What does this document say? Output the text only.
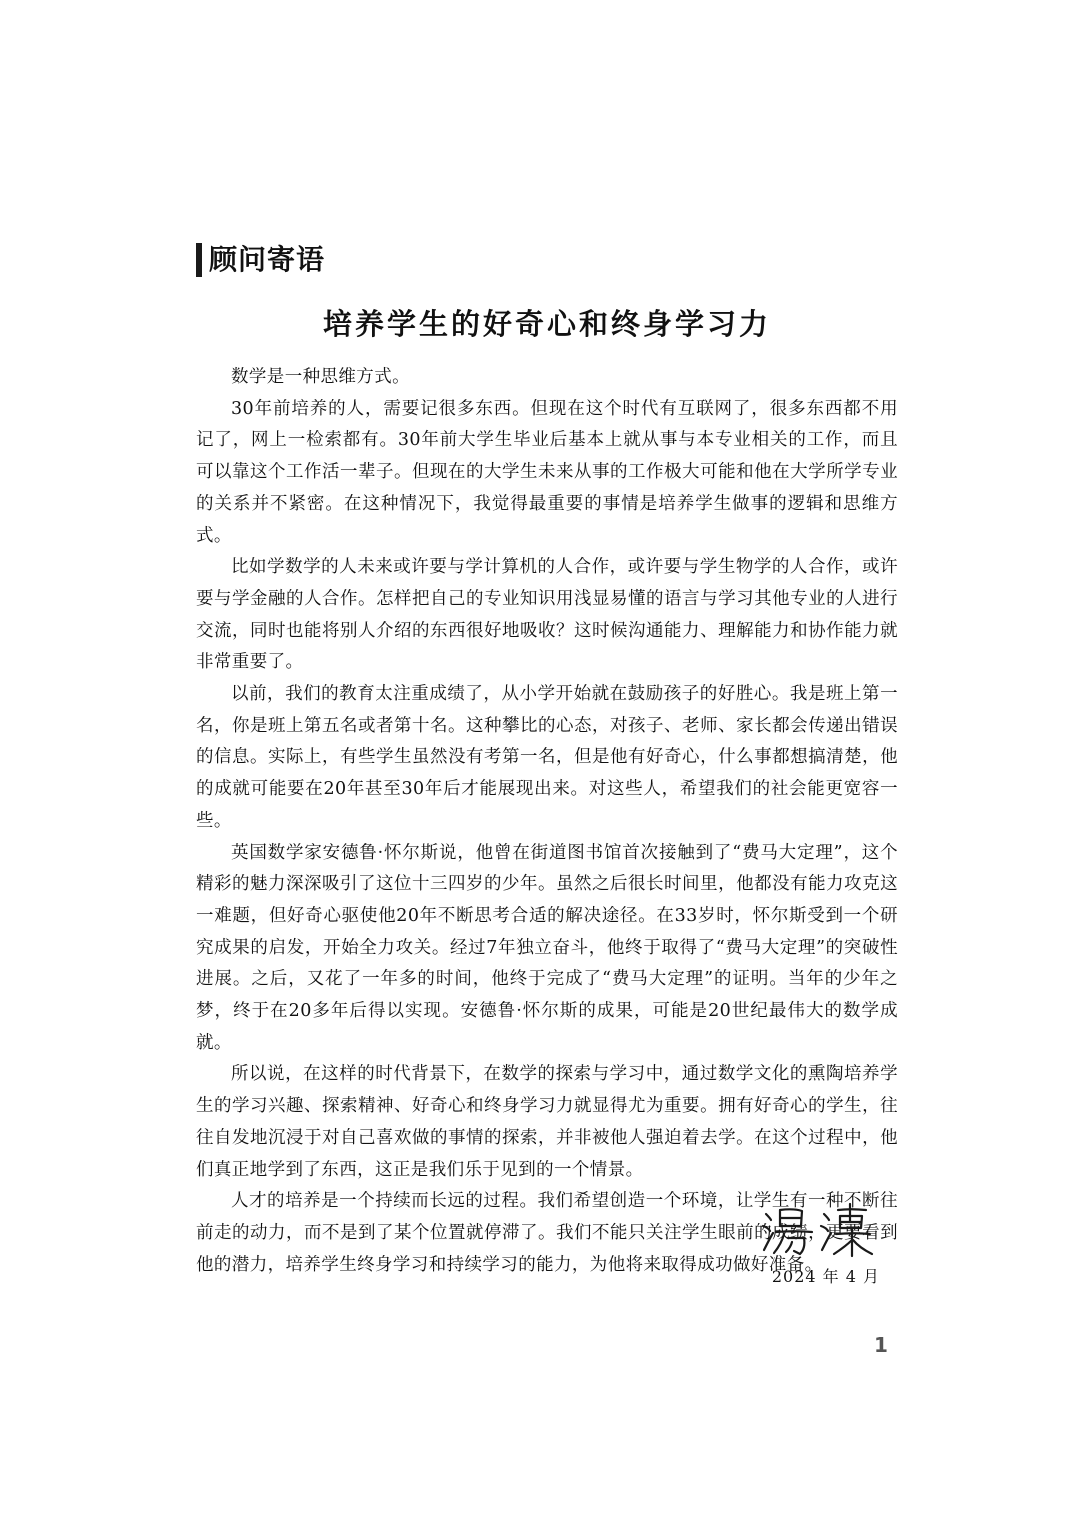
顾问寄语
培养学生的好奇心和终身学习力

数学是一种思维方式。

30年前培养的人，需要记很多东西。但现在这个时代有互联网了，很多东西都不用记了，网上一检索都有。30年前大学生毕业后基本上就从事与本专业相关的工作，而且可以靠这个工作活一辈子。但现在的大学生未来从事的工作极大可能和他在大学所学专业的关系并不紧密。在这种情况下，我觉得最重要的事情是培养学生做事的逻辑和思维方式。

比如学数学的人未来或许要与学计算机的人合作，或许要与学生物学的人合作，或许要与学金融的人合作。怎样把自己的专业知识用浅显易懂的语言与学习其他专业的人进行交流，同时也能将别人介绍的东西很好地吸收？这时候沟通能力、理解能力和协作能力就非常重要了。

以前，我们的教育太注重成绩了，从小学开始就在鼓励孩子的好胜心。我是班上第一名，你是班上第五名或者第十名。这种攀比的心态，对孩子、老师、家长都会传递出错误的信息。实际上，有些学生虽然没有考第一名，但是他有好奇心，什么事都想搞清楚，他的成就可能要在20年甚至30年后才能展现出来。对这些人，希望我们的社会能更宽容一些。

英国数学家安德鲁·怀尔斯说，他曾在街道图书馆首次接触到了“费马大定理”，这个精彩的魅力深深吸引了这位十三四岁的少年。虽然之后很长时间里，他都没有能力攻克这一难题，但好奇心驱使他20年不断思考合适的解决途径。在33岁时，怀尔斯受到一个研究成果的启发，开始全力攻关。经过7年独立奋斗，他终于取得了“费马大定理”的突破性进展。之后，又花了一年多的时间，他终于完成了“费马大定理”的证明。当年的少年之梦，终于在20多年后得以实现。安德鲁·怀尔斯的成果，可能是20世纪最伟大的数学成就。

所以说，在这样的时代背景下，在数学的探索与学习中，通过数学文化的熏陶培养学生的学习兴趣、探索精神、好奇心和终身学习力就显得尤为重要。拥有好奇心的学生，往往自发地沉浸于对自己喜欢做的事情的探索，并非被他人强迫着去学。在这个过程中，他们真正地学到了东西，这正是我们乐于见到的一个情景。

人才的培养是一个持续而长远的过程。我们希望创造一个环境，让学生有一种不断往前走的动力，而不是到了某个位置就停滞了。我们不能只关注学生眼前的成绩，更要看到他的潜力，培养学生终身学习和持续学习的能力，为他将来取得成功做好准备。

2024 年 4 月
1
